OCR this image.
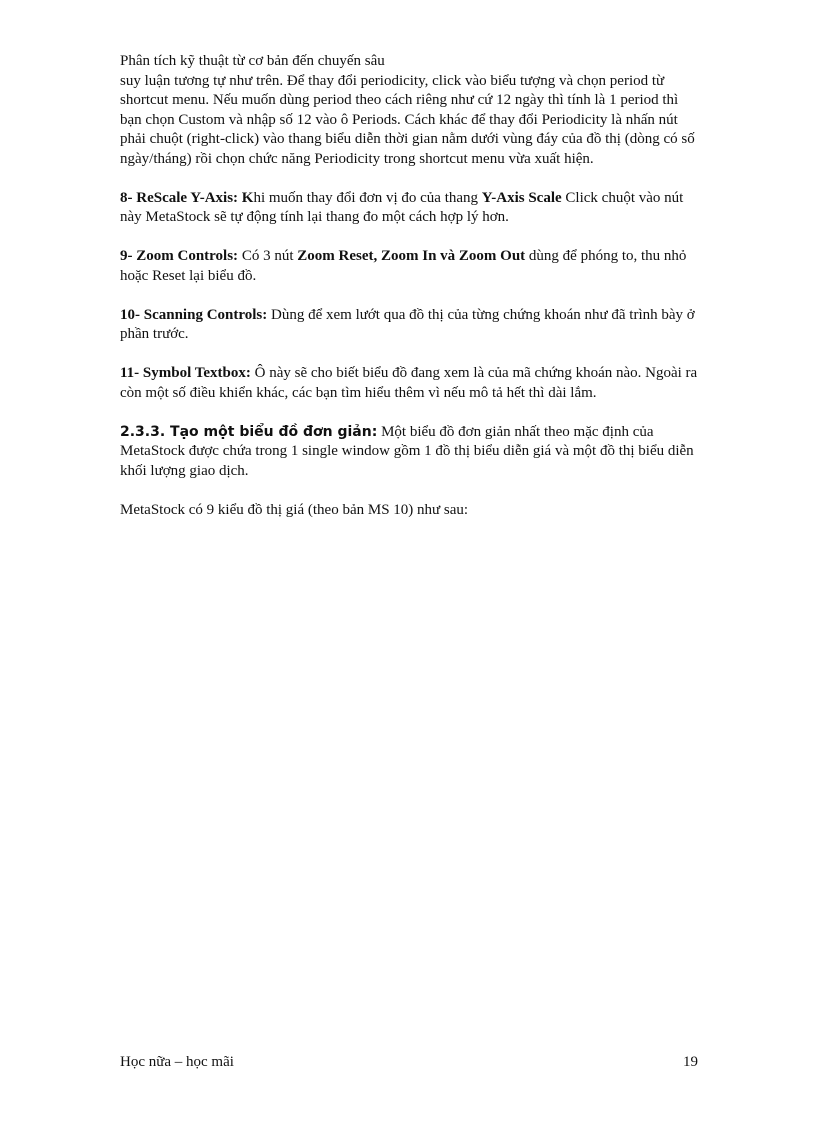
Phân tích kỹ thuật từ cơ bản đến chuyến sâu

suy luận tương tự như trên. Để thay đổi periodicity, click vào biểu tượng và chọn period từ shortcut menu. Nếu muốn dùng period theo cách riêng như cứ 12 ngày thì tính là 1 period thì bạn chọn Custom và nhập số 12 vào ô Periods. Cách khác để thay đổi Periodicity là nhấn nút phải chuột (right-click) vào thang biểu diễn thời gian nằm dưới vùng đáy của đồ thị (dòng có số ngày/tháng) rồi chọn chức năng Periodicity trong shortcut menu vừa xuất hiện.

8- ReScale Y-Axis: Khi muốn thay đổi đơn vị đo của thang Y-Axis Scale Click chuột vào nút này MetaStock sẽ tự động tính lại thang đo một cách hợp lý hơn.

9- Zoom Controls: Có 3 nút Zoom Reset, Zoom In và Zoom Out dùng để phóng to, thu nhỏ hoặc Reset lại biểu đồ.

10- Scanning Controls: Dùng để xem lướt qua đồ thị của từng chứng khoán như đã trình bày ở phần trước.

11- Symbol Textbox: Ô này sẽ cho biết biểu đồ đang xem là của mã chứng khoán nào. Ngoài ra còn một số điều khiển khác, các bạn tìm hiểu thêm vì nếu mô tả hết thì dài lắm.

2.3.3. Tạo một biểu đồ đơn giản: Một biểu đồ đơn giản nhất theo mặc định của MetaStock được chứa trong 1 single window gồm 1 đồ thị biểu diễn giá và một đồ thị biểu diễn khối lượng giao dịch.

MetaStock có 9 kiểu đồ thị giá (theo bản MS 10) như sau:

Học nữa – học mãi	19
